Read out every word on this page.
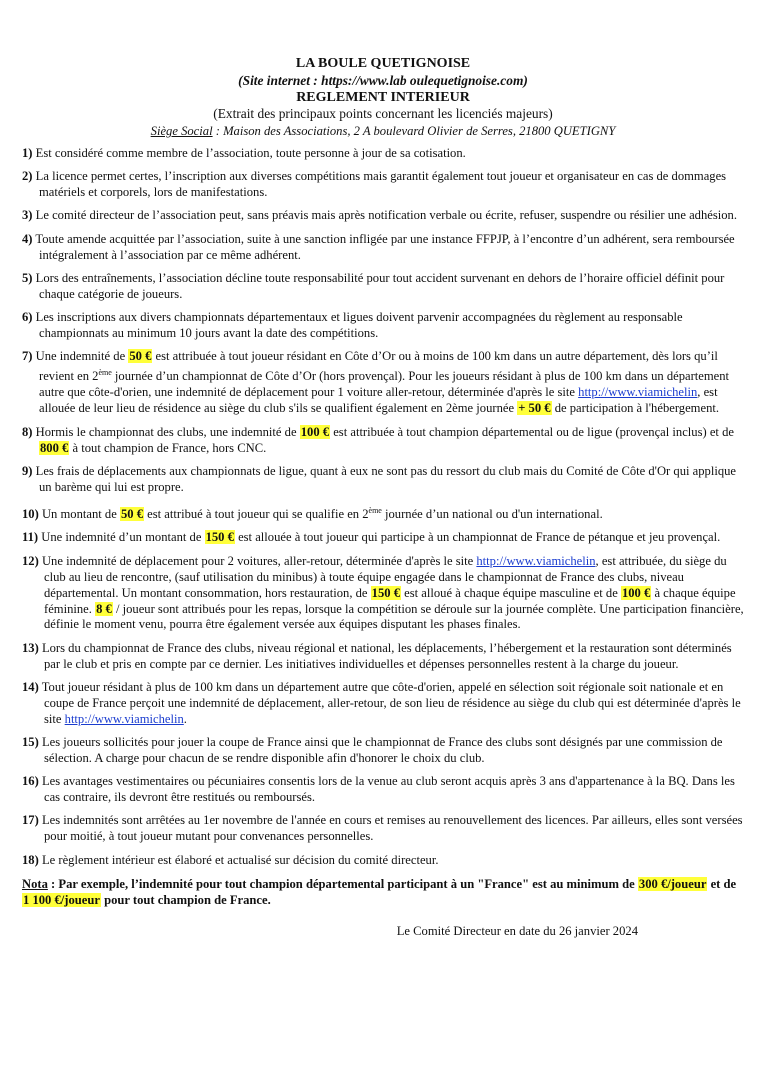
LA BOULE QUETIGNOISE
(Site internet : https://www.lab oulequetignoise.com)
REGLEMENT INTERIEUR
(Extrait des principaux points concernant les licenciés majeurs)
Siège Social : Maison des Associations, 2 A boulevard Olivier de Serres, 21800 QUETIGNY

1) Est considéré comme membre de l’association, toute personne à jour de sa cotisation.

2) La licence permet certes, l’inscription aux diverses compétitions mais garantit également tout joueur et organisateur en cas de dommages matériels et corporels, lors de manifestations.

3) Le comité directeur de l’association peut, sans préavis mais après notification verbale ou écrite, refuser, suspendre ou résilier une adhésion.

4) Toute amende acquittée par l’association, suite à une sanction infligée par une instance FFPJP, à l’encontre d’un adhérent, sera remboursée intégralement à l’association par ce même adhérent.

5) Lors des entraînements, l’association décline toute responsabilité pour tout accident survenant en dehors de l’horaire officiel définit pour chaque catégorie de joueurs.

6) Les inscriptions aux divers championnats départementaux et ligues doivent parvenir accompagnées du règlement au responsable championnats au minimum 10 jours avant la date des compétitions.

7) Une indemnité de 50 € est attribuée à tout joueur résidant en Côte d’Or ou à moins de 100 km dans un autre département, dès lors qu’il revient en 2ème journée d’un championnat de Côte d’Or (hors provençal). Pour les joueurs résidant à plus de 100 km dans un département autre que côte-d'orien, une indemnité de déplacement pour 1 voiture aller-retour, déterminée d'après le site http://www.viamichelin, est allouée de leur lieu de résidence au siège du club s'ils se qualifient également en 2ème journée + 50 € de participation à l'hébergement.

8) Hormis le championnat des clubs, une indemnité de 100 € est attribuée à tout champion départemental ou de ligue (provençal inclus) et de 800 € à tout champion de France, hors CNC.

9) Les frais de déplacements aux championnats de ligue, quant à eux ne sont pas du ressort du club mais du Comité de Côte d'Or qui applique un barème qui lui est propre.

10) Un montant de 50 € est attribué à tout joueur qui se qualifie en 2ème journée d’un national ou d'un international.

11) Une indemnité d’un montant de 150 € est allouée à tout joueur qui participe à un championnat de France de pétanque et jeu provençal.

12) Une indemnité de déplacement pour 2 voitures, aller-retour, déterminée d'après le site http://www.viamichelin, est attribuée, du siège du club au lieu de rencontre, (sauf utilisation du minibus) à toute équipe engagée dans le championnat de France des clubs, niveau départemental. Un montant consommation, hors restauration, de 150 € est alloué à chaque équipe masculine et de 100 € à chaque équipe féminine. 8 € / joueur sont attribués pour les repas, lorsque la compétition se déroule sur la journée complète. Une participation financière, définie le moment venu, pourra être également versée aux équipes disputant les phases finales.

13) Lors du championnat de France des clubs, niveau régional et national, les déplacements, l’hébergement et la restauration sont déterminés par le club et pris en compte par ce dernier. Les initiatives individuelles et dépenses personnelles restent à la charge du joueur.

14) Tout joueur résidant à plus de 100 km dans un département autre que côte-d'orien, appelé en sélection soit régionale soit nationale et en coupe de France perçoit une indemnité de déplacement, aller-retour, de son lieu de résidence au siège du club qui est déterminée d'après le site http://www.viamichelin.

15) Les joueurs sollicités pour jouer la coupe de France ainsi que le championnat de France des clubs sont désignés par une commission de sélection. A charge pour chacun de se rendre disponible afin d'honorer le choix du club.

16) Les avantages vestimentaires ou pécuniaires consentis lors de la venue au club seront acquis après 3 ans d'appartenance à la BQ. Dans les cas contraire, ils devront être restitués ou remboursés.

17) Les indemnités sont arrêtées au 1er novembre de l'année en cours et remises au renouvellement des licences. Par ailleurs, elles sont versées pour moitié, à tout joueur mutant pour convenances personnelles.

18) Le règlement intérieur est élaboré et actualisé sur décision du comité directeur.

Nota : Par exemple, l’indemnité pour tout champion départemental participant à un "France" est au minimum de 300 €/joueur et de 1 100 €/joueur pour tout champion de France.
Le Comité Directeur en date du 26 janvier 2024
